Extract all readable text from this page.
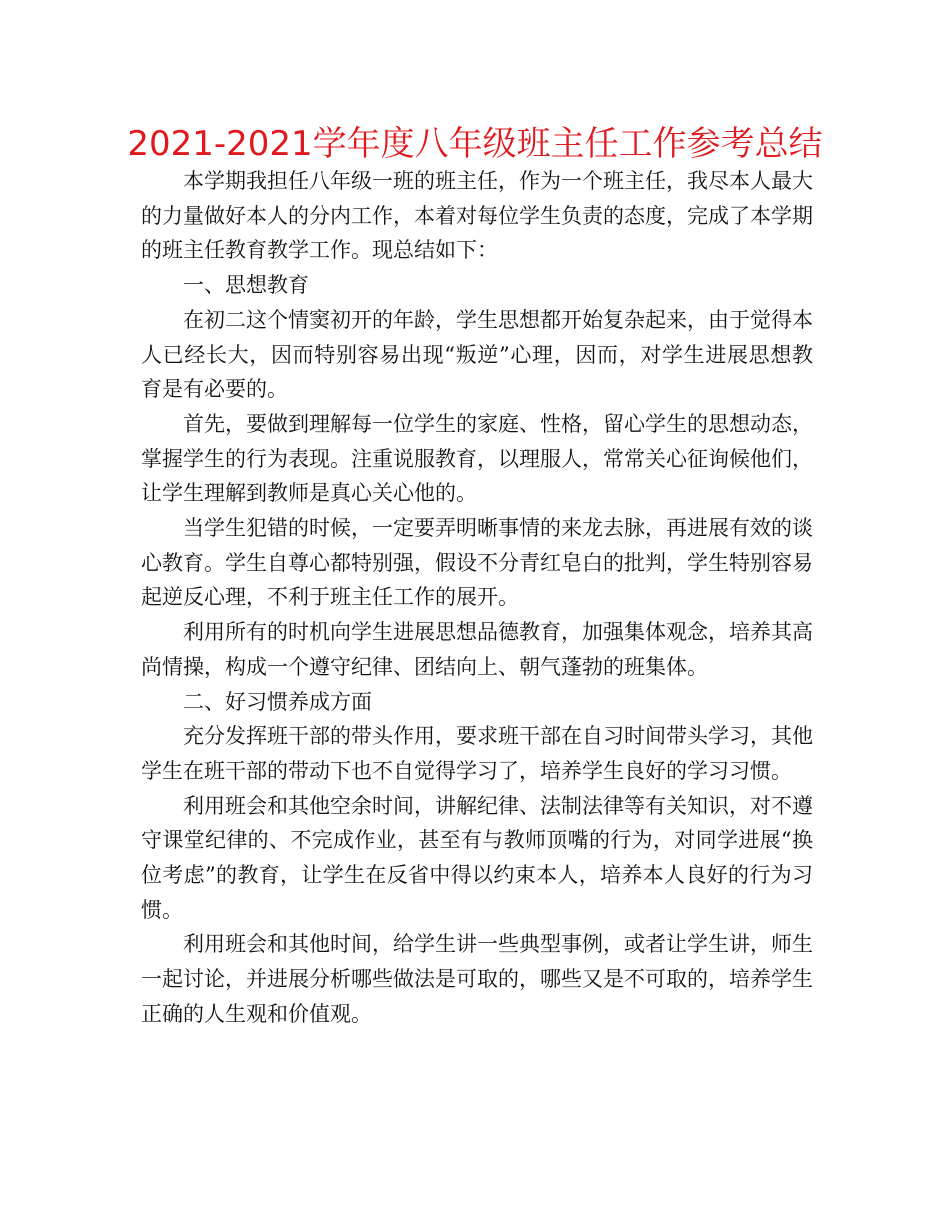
2021-2021学年度八年级班主任工作参考总结

本学期我担任八年级一班的班主任，作为一个班主任，我尽本人最大的力量做好本人的分内工作，本着对每位学生负责的态度，完成了本学期的班主任教育教学工作。现总结如下：

一、思想教育

在初二这个情窦初开的年龄，学生思想都开始复杂起来，由于觉得本人已经长大，因而特别容易出现“叛逆”心理，因而，对学生进展思想教育是有必要的。

首先，要做到理解每一位学生的家庭、性格，留心学生的思想动态，掌握学生的行为表现。注重说服教育，以理服人，常常关心征询候他们，让学生理解到教师是真心关心他的。

当学生犯错的时候，一定要弄明晰事情的来龙去脉，再进展有效的谈心教育。学生自尊心都特别强，假设不分青红皂白的批判，学生特别容易起逆反心理，不利于班主任工作的展开。

利用所有的时机向学生进展思想品德教育，加强集体观念，培养其高尚情操，构成一个遵守纪律、团结向上、朝气蓬勃的班集体。

二、好习惯养成方面

充分发挥班干部的带头作用，要求班干部在自习时间带头学习，其他学生在班干部的带动下也不自觉得学习了，培养学生良好的学习习惯。

利用班会和其他空余时间，讲解纪律、法制法律等有关知识，对不遵守课堂纪律的、不完成作业，甚至有与教师顶嘴的行为，对同学进展“换位考虑”的教育，让学生在反省中得以约束本人，培养本人良好的行为习惯。

利用班会和其他时间，给学生讲一些典型事例，或者让学生讲，师生一起讨论，并进展分析哪些做法是可取的，哪些又是不可取的，培养学生正确的人生观和价值观。
